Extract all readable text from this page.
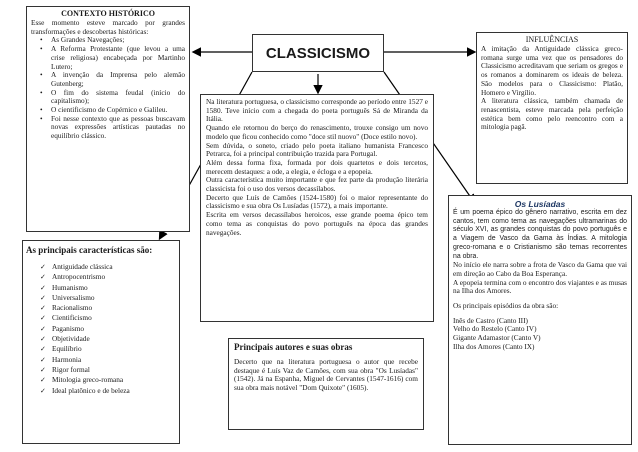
CONTEXTO HISTÓRICO
Esse momento esteve marcado por grandes transformações e descobertas históricas:
• As Grandes Navegações;
• A Reforma Protestante (que levou a uma crise religiosa) encabeçada por Martinho Lutero;
• A invenção da Imprensa pelo alemão Gutenberg;
• O fim do sistema feudal (início do capitalismo);
• O cientificismo de Copérnico e Galileu.
• Foi nesse contexto que as pessoas buscavam novas expressões artísticas pautadas no equilíbrio clássico.
CLASSICISMO
INFLUÊNCIAS

A imitação da Antiguidade clássica greco-romana surge uma vez que os pensadores do Classicismo acreditavam que seriam os gregos e os romanos a dominarem os ideais de beleza. São modelos para o Classicismo: Platão, Homero e Virgílio.

A literatura clássica, também chamada de renascentista, esteve marcada pela perfeição estética bem como pelo reencontro com a mitologia pagã.

Na literatura portuguesa, o classicismo corresponde ao período entre 1527 e 1580. Teve início com a chegada do poeta português Sá de Miranda da Itália.

Quando ele retornou do berço do renascimento, trouxe consigo um novo modelo que ficou conhecido como "doce stil nuovo" (Doce estilo novo).

Sem dúvida, o soneto, criado pelo poeta italiano humanista Francesco Petrarca, foi a principal contribuição trazida para Portugal.

Além dessa forma fixa, formada por dois quartetos e dois tercetos, merecem destaques: a ode, a elegia, e écloga e a epopeia.

Outra característica muito importante e que fez parte da produção literária classicista foi o uso dos versos decassílabos.

Decerto que Luís de Camões (1524-1580) foi o maior representante do classicismo e sua obra Os Lusíadas (1572), a mais importante.

Escrita em versos decassílabos heroicos, esse grande poema épico tem como tema as conquistas do povo português na época das grandes navegações.

As principais características são:
✓ Antiguidade clássica
✓ Antropocentrismo
✓ Humanismo
✓ Universalismo
✓ Racionalismo
✓ Cientificismo
✓ Paganismo
✓ Objetividade
✓ Equilíbrio
✓ Harmonia
✓ Rigor formal
✓ Mitologia greco-romana
✓ Ideal platônico e de beleza
Principais autores e suas obras

Decerto que na literatura portuguesa o autor que recebe destaque é Luís Vaz de Camões, com sua obra "Os Lusíadas" (1542). Já na Espanha, Miguel de Cervantes (1547-1616) com sua obra mais notável "Dom Quixote" (1605).

Os Lusíadas

É um poema épico do gênero narrativo, escrita em dez cantos, tem como tema as navegações ultramarinas do século XVI, as grandes conquistas do povo português e a Viagem de Vasco da Gama às Índias. A mitologia greco-romana e o Cristianismo são temas recorrentes na obra.

No início ele narra sobre a frota de Vasco da Gama que vai em direção ao Cabo da Boa Esperança.

A epopeia termina com o encontro dos viajantes e as musas na Ilha dos Amores.

Os principais episódios da obra são:

Inês de Castro (Canto III)
Velho do Restelo (Canto IV)
Gigante Adamastor (Canto V)
Ilha dos Amores (Canto IX)
